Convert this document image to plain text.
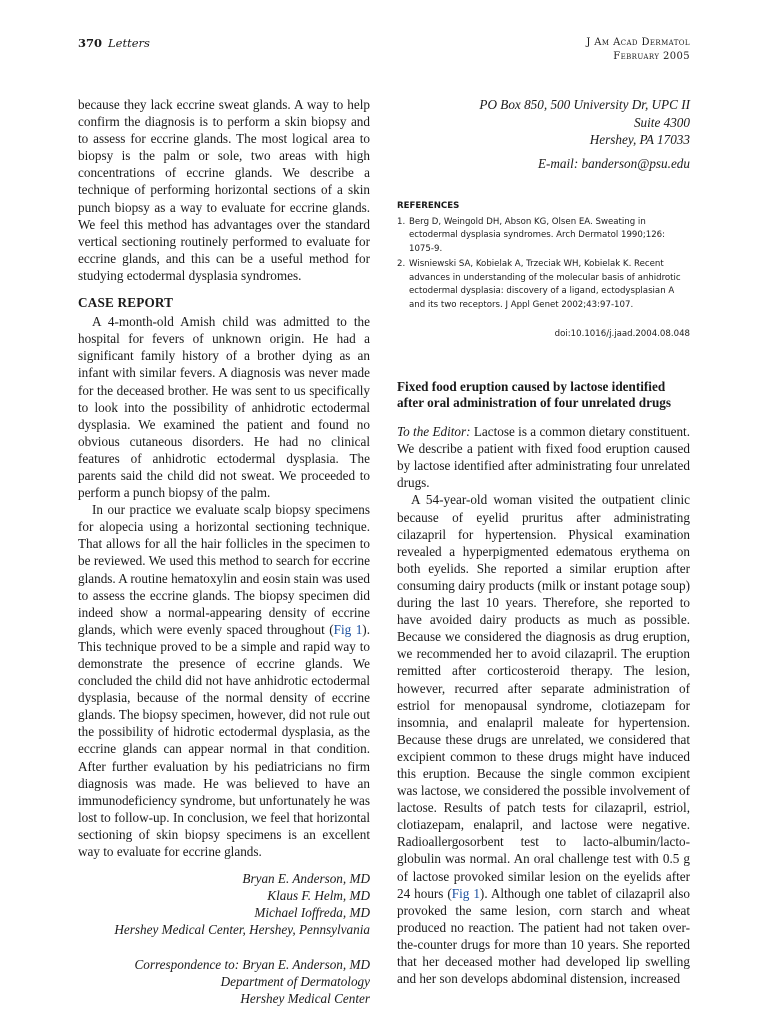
370 Letters	J Am Acad Dermatol
February 2005

because they lack eccrine sweat glands. A way to help confirm the diagnosis is to perform a skin biopsy and to assess for eccrine glands. The most logical area to biopsy is the palm or sole, two areas with high concentrations of eccrine glands. We describe a technique of performing horizontal sections of a skin punch biopsy as a way to evaluate for eccrine glands. We feel this method has advantages over the standard vertical sectioning routinely performed to evaluate for eccrine glands, and this can be a useful method for studying ectodermal dysplasia syndromes.

CASE REPORT

A 4-month-old Amish child was admitted to the hospital for fevers of unknown origin. He had a significant family history of a brother dying as an infant with similar fevers. A diagnosis was never made for the deceased brother. He was sent to us specifically to look into the possibility of anhidrotic ectodermal dysplasia. We examined the patient and found no obvious cutaneous disorders. He had no clinical features of anhidrotic ectodermal dysplasia. The parents said the child did not sweat. We proceeded to perform a punch biopsy of the palm.

In our practice we evaluate scalp biopsy specimens for alopecia using a horizontal sectioning technique. That allows for all the hair follicles in the specimen to be reviewed. We used this method to search for eccrine glands. A routine hematoxylin and eosin stain was used to assess the eccrine glands. The biopsy specimen did indeed show a normal-appearing density of eccrine glands, which were evenly spaced throughout (Fig 1). This technique proved to be a simple and rapid way to demonstrate the presence of eccrine glands. We concluded the child did not have anhidrotic ectodermal dysplasia, because of the normal density of eccrine glands. The biopsy specimen, however, did not rule out the possibility of hidrotic ectodermal dysplasia, as the eccrine glands can appear normal in that condition. After further evaluation by his pediatricians no firm diagnosis was made. He was believed to have an immunodeficiency syndrome, but unfortunately he was lost to follow-up. In conclusion, we feel that horizontal sectioning of skin biopsy specimens is an excellent way to evaluate for eccrine glands.

Bryan E. Anderson, MD
Klaus F. Helm, MD
Michael Ioffreda, MD
Hershey Medical Center, Hershey, Pennsylvania
Correspondence to: Bryan E. Anderson, MD
Department of Dermatology
Hershey Medical Center
PO Box 850, 500 University Dr, UPC II
Suite 4300
Hershey, PA 17033
E-mail: banderson@psu.edu
REFERENCES
1. Berg D, Weingold DH, Abson KG, Olsen EA. Sweating in ectodermal dysplasia syndromes. Arch Dermatol 1990;126: 1075-9.
2. Wisniewski SA, Kobielak A, Trzeciak WH, Kobielak K. Recent advances in understanding of the molecular basis of anhidrotic ectodermal dysplasia: discovery of a ligand, ectodysplasian A and its two receptors. J Appl Genet 2002;43:97-107.
doi:10.1016/j.jaad.2004.08.048
Fixed food eruption caused by lactose identified after oral administration of four unrelated drugs

To the Editor: Lactose is a common dietary constituent. We describe a patient with fixed food eruption caused by lactose identified after administrating four unrelated drugs.

A 54-year-old woman visited the outpatient clinic because of eyelid pruritus after administrating cilazapril for hypertension. Physical examination revealed a hyperpigmented edematous erythema on both eyelids. She reported a similar eruption after consuming dairy products (milk or instant potage soup) during the last 10 years. Therefore, she reported to have avoided dairy products as much as possible. Because we considered the diagnosis as drug eruption, we recommended her to avoid cilazapril. The eruption remitted after corticosteroid therapy. The lesion, however, recurred after separate administration of estriol for menopausal syndrome, clotiazepam for insomnia, and enalapril maleate for hypertension. Because these drugs are unrelated, we considered that excipient common to these drugs might have induced this eruption. Because the single common excipient was lactose, we considered the possible involvement of lactose. Results of patch tests for cilazapril, estriol, clotiazepam, enalapril, and lactose were negative. Radioallergosorbent test to lacto-albumin/lacto-globulin was normal. An oral challenge test with 0.5 g of lactose provoked similar lesion on the eyelids after 24 hours (Fig 1). Although one tablet of cilazapril also provoked the same lesion, corn starch and wheat produced no reaction. The patient had not taken over-the-counter drugs for more than 10 years. She reported that her deceased mother had developed lip swelling and her son develops abdominal distension, increased
